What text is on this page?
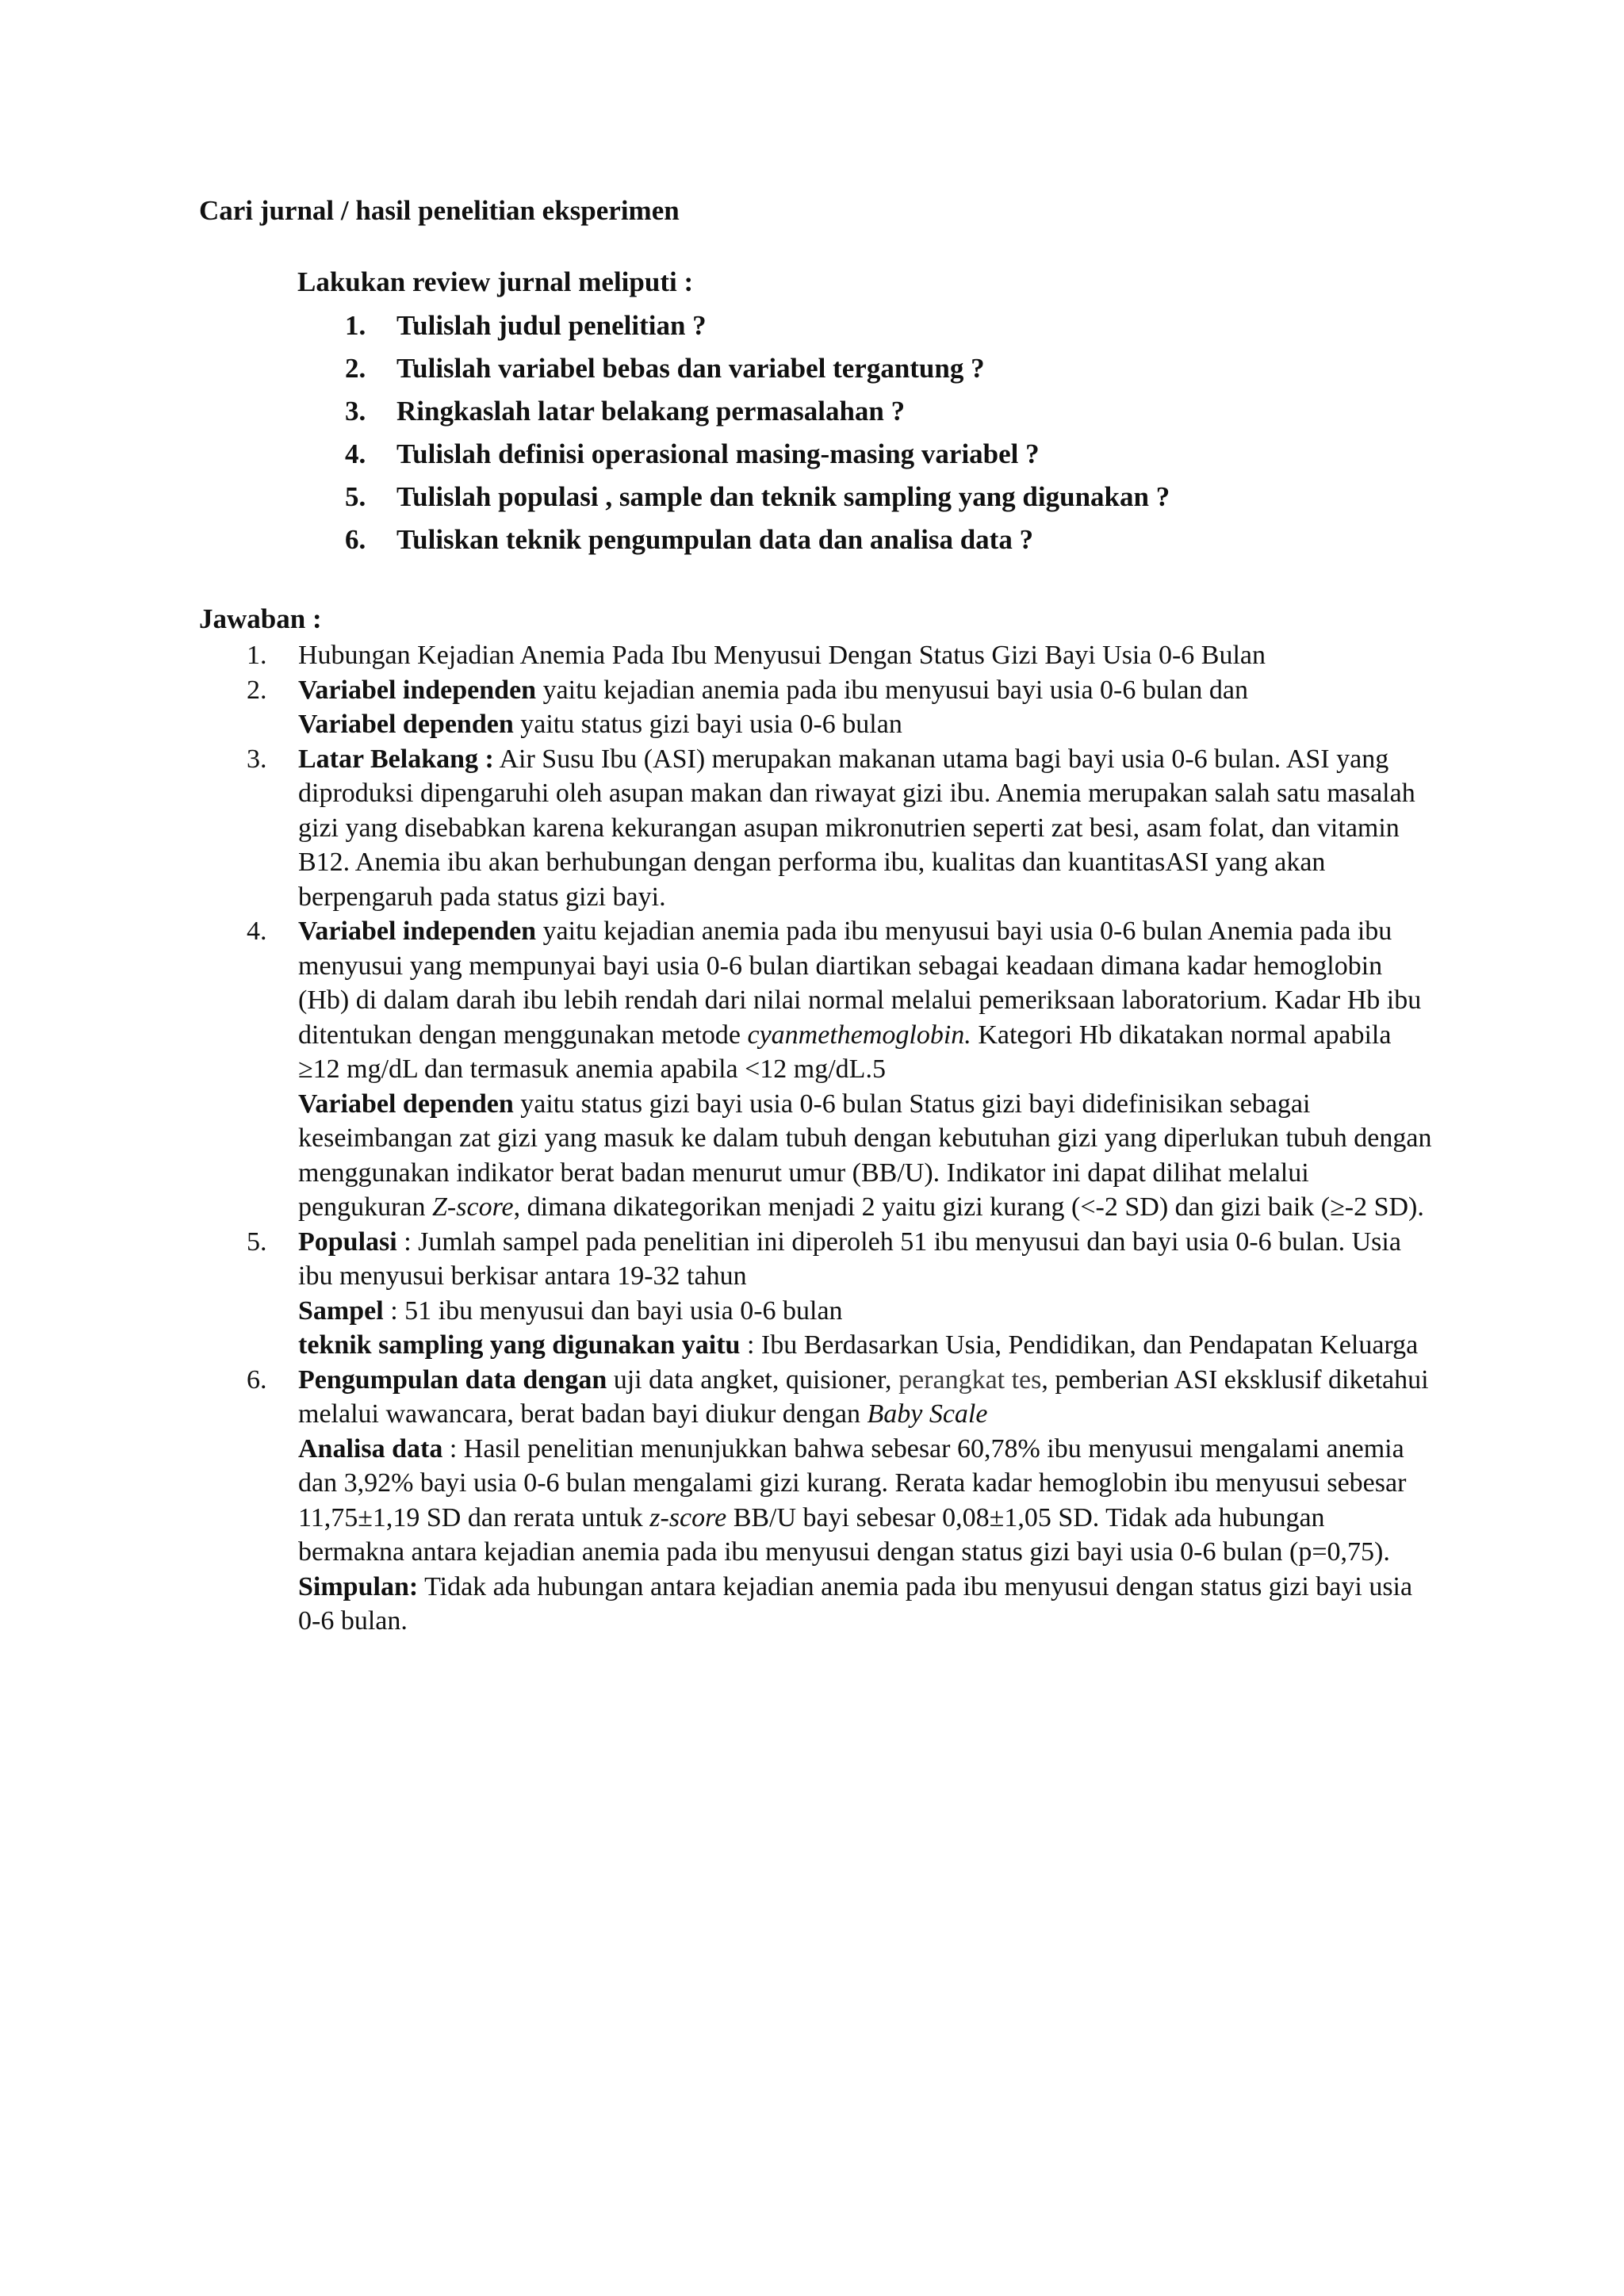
Cari jurnal / hasil penelitian eksperimen
Lakukan review jurnal meliputi :
1. Tulislah judul penelitian ?
2. Tulislah variabel bebas dan variabel tergantung ?
3. Ringkaslah latar belakang permasalahan ?
4. Tulislah definisi operasional masing-masing variabel ?
5. Tulislah populasi , sample dan teknik sampling yang digunakan ?
6. Tuliskan teknik pengumpulan data dan analisa data ?
Jawaban :
1. Hubungan Kejadian Anemia Pada Ibu Menyusui Dengan Status Gizi Bayi Usia 0-6 Bulan
2. Variabel independen yaitu kejadian anemia pada ibu menyusui bayi usia 0-6 bulan dan
Variabel dependen yaitu status gizi bayi usia 0-6 bulan
3. Latar Belakang : Air Susu Ibu (ASI) merupakan makanan utama bagi bayi usia 0-6 bulan. ASI yang diproduksi dipengaruhi oleh asupan makan dan riwayat gizi ibu. Anemia merupakan salah satu masalah gizi yang disebabkan karena kekurangan asupan mikronutrien seperti zat besi, asam folat, dan vitamin B12. Anemia ibu akan berhubungan dengan performa ibu, kualitas dan kuantitasASI yang akan berpengaruh pada status gizi bayi.
4. Variabel independen yaitu kejadian anemia pada ibu menyusui bayi usia 0-6 bulan Anemia pada ibu menyusui yang mempunyai bayi usia 0-6 bulan diartikan sebagai keadaan dimana kadar hemoglobin (Hb) di dalam darah ibu lebih rendah dari nilai normal melalui pemeriksaan laboratorium. Kadar Hb ibu ditentukan dengan menggunakan metode cyanmethemoglobin. Kategori Hb dikatakan normal apabila ≥12 mg/dL dan termasuk anemia apabila <12 mg/dL.5
Variabel dependen yaitu status gizi bayi usia 0-6 bulan Status gizi bayi didefinisikan sebagai keseimbangan zat gizi yang masuk ke dalam tubuh dengan kebutuhan gizi yang diperlukan tubuh dengan menggunakan indikator berat badan menurut umur (BB/U). Indikator ini dapat dilihat melalui pengukuran Z-score, dimana dikategorikan menjadi 2 yaitu gizi kurang (<-2 SD) dan gizi baik (≥-2 SD).
5. Populasi : Jumlah sampel pada penelitian ini diperoleh 51 ibu menyusui dan bayi usia 0-6 bulan. Usia ibu menyusui berkisar antara 19-32 tahun
Sampel : 51 ibu menyusui dan bayi usia 0-6 bulan
teknik sampling yang digunakan yaitu : Ibu Berdasarkan Usia, Pendidikan, dan Pendapatan Keluarga
6. Pengumpulan data dengan uji data angket, quisioner, perangkat tes, pemberian ASI eksklusif diketahui melalui wawancara, berat badan bayi diukur dengan Baby Scale
Analisa data : Hasil penelitian menunjukkan bahwa sebesar 60,78% ibu menyusui mengalami anemia dan 3,92% bayi usia 0-6 bulan mengalami gizi kurang. Rerata kadar hemoglobin ibu menyusui sebesar 11,75±1,19 SD dan rerata untuk z-score BB/U bayi sebesar 0,08±1,05 SD. Tidak ada hubungan bermakna antara kejadian anemia pada ibu menyusui dengan status gizi bayi usia 0-6 bulan (p=0,75).
Simpulan: Tidak ada hubungan antara kejadian anemia pada ibu menyusui dengan status gizi bayi usia 0-6 bulan.
